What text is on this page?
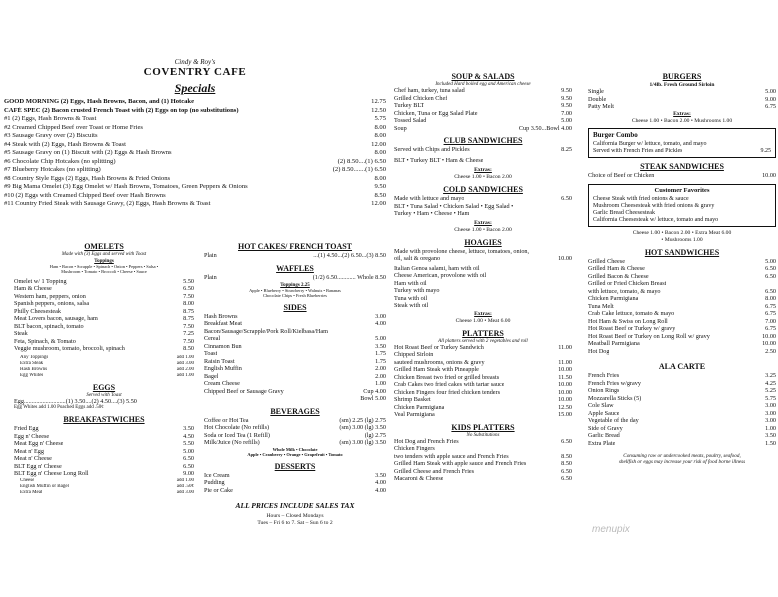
Cindy & Roy's
COVENTRY CAFE
Specials
GOOD MORNING (2) Eggs, Hash Browns, Bacon, and (1) Hotcake	12.75
CAFÉ SPEC (2) Bacon crusted French Toast with (2) Eggs on top (no substitutions)	12.50
#1 (2) Eggs, Hash Browns & Toast	5.75
#2 Creamed Chipped Beef over Toast or Home Fries	8.00
#3 Sausage Gravy over (2) Biscuits	8.00
#4 Steak with (2) Eggs, Hash Browns & Toast	12.00
#5 Sausage Gravy on (1) Biscuit with (2) Eggs & Hash Browns	8.00
#6 Chocolate Chip Hotcakes (no splitting)	(2) 8.50....(1) 6.50
#7 Blueberry Hotcakes (no splitting)	(2) 8.50.......(1) 6.50
#8 Country Style Eggs (2) Eggs, Hash Browns & Fried Onions	8.00
#9 Big Mama Omelet (3) Egg Omelet w/ Hash Browns, Tomatoes, Green Peppers & Onions	9.50
#10 (2) Eggs with Creamed Chipped Beef over Hash Browns	8.50
#11 Country Fried Steak with Sausage Gravy, (2) Eggs, Hash Browns & Toast	12.00
OMELETS
Made with (3) Eggs and served with Toast
Toppings
Ham • Bacon • Scrapple • Spinach • Onion • Peppers • Salsa •
Mushroom • Tomato • Broccoli • Cheese • Sauce
Omelet w/ 1 Topping	5.50
Ham & Cheese	6.50
Western ham, peppers, onion	7.50
Spanish peppers, onions, salsa	8.00
Philly Cheesesteak	8.75
Meat Lovers bacon, sausage, ham	8.75
BLT bacon, spinach, tomato	7.50
Steak	7.25
Feta, Spinach, & Tomato	7.50
Veggie mushroom, tomato, broccoli, spinach	8.50
Any Toppings	add 1.00
Extra Steak	add 3.00
Hash Browns	add 2.00
Egg Whites	add 1.00
EGGS
Served with Toast
Egg...........................(1) 3.50....(2) 4.50....(3) 5.50
Egg Whites add 1.00 Poached Eggs add .50¢
BREAKFASTWICHES
Fried Egg	3.50
Egg n' Cheese	4.50
Meat Egg n' Cheese	5.50
Meat n' Egg	5.00
Meat n' Cheese	6.50
BLT Egg n' Cheese	6.50
BLT Egg n' Cheese Long Roll	9.00
Cheese	add 1.00
English Muffin or Bagel	add .50¢
Extra Meat	add 3.00
HOT CAKES/ FRENCH TOAST
Plain	...(1) 4.50...(2) 6.50...(3) 8.50
WAFFLES
Plain	(1/2) 6.50............ Whole 8.50
Toppings 2.25
Apple • Blueberry • Strawberry • Walnuts • Bananas
Chocolate Chips • Fresh Blueberries
SIDES
Hash Browns	3.00
Breakfast Meat	4.00
Bacon/Sausage/Scrapple/Pork Roll/Kielbasa/Ham
Cereal	5.00
Cinnamon Bun	3.50
Toast	1.75
Raisin Toast	1.75
English Muffin	2.00
Bagel	2.00
Cream Cheese	1.00
Chipped Beef or Sausage Gravy	Cup 4.00
Bowl 5.00
BEVERAGES
Coffee or Hot Tea	(sm) 2.25 (lg) 2.75
Hot Chocolate (No refills)	(sm) 3.00 (lg) 3.50
Soda or Iced Tea (1 Refill)	(lg) 2.75
Milk/Juice (No refills)	(sm) 3.00 (lg) 3.50
Whole Milk • Chocolate
Apple • Cranberry • Orange • Grapefruit • Tomato
DESSERTS
Ice Cream	3.50
Pudding	4.00
Pie or Cake	4.00
ALL PRICES INCLUDE SALES TAX
Hours – Closed Mondays
Tues – Fri 6 to 7. Sat – Sun 6 to 2
SOUP & SALADS
Included Hard boiled egg and American cheese
Chef ham, turkey, tuna salad	9.50
Grilled Chicken Chef	9.50
Turkey BLT	9.50
Chicken, Tuna or Egg Salad Plate	7.00
Tossed Salad	5.00
Soup	Cup 3.50...Bowl 4.00
CLUB SANDWICHES
Served with Chips and Pickles	8.25
BLT • Turkey BLT • Ham & Cheese
Extras:
Cheese 1.00 • Bacon 2.00
COLD SANDWICHES
Made with lettuce and mayo	6.50
BLT • Tuna Salad • Chicken Salad • Egg Salad •
Turkey • Ham • Cheese • Ham
Extras:
Cheese 1.00 • Bacon 2.00
HOAGIES
Made with provolone cheese, lettuce, tomatoes, onion,
oil, salt & oregano	10.00
Italian Genoa salami, ham with oil
Cheese American, provolone with oil
Ham with oil
Turkey with mayo
Tuna with oil
Steak with oil
Extras:
Cheese 1.00 • Meat 6.00
PLATTERS
All platters served with 2 vegetables and roll
Hot Roast Beef or Turkey Sandwich	11.00
Chipped Sirloin
sauteed mushrooms, onions & gravy	11.00
Grilled Ham Steak with Pineapple	10.00
Chicken Breast two fried or grilled breasts	11.50
Crab Cakes two fried cakes with tartar sauce	10.00
Chicken Fingers four fried chicken tenders	10.00
Shrimp Basket	10.00
Chicken Parmigiana	12.50
Veal Parmigiana	15.00
KIDS PLATTERS
No Substitutions
Hot Dog and French Fries	6.50
Chicken Fingers
two tenders with apple sauce and French Fries	8.50
Grilled Ham Steak with apple sauce and French Fries	8.50
Grilled Cheese and French Fries	6.50
Macaroni & Cheese	6.50
BURGERS
1/4lb. Fresh Ground Sirloin
Single	5.00
Double	9.00
Patty Melt	6.75
Extras:
Cheese 1.00 • Bacon 2.00 • Mushrooms 1.00
Burger Combo
California Burger w/ lettuce, tomato, and mayo
Served with French Fries and Pickles	9.25
STEAK SANDWICHES
Choice of Beef or Chicken	10.00
Customer Favorites
Cheese Steak with fried onions & sauce
Mushroom Cheesesteak with fried onions & gravy
Garlic Bread Cheesesteak
California Cheesesteak w/ lettuce, tomato and mayo
Cheese 1.00 • Bacon 2.00 • Extra Meat 6.00
• Mushrooms 1.00
HOT SANDWICHES
Grilled Cheese	5.00
Grilled Ham & Cheese	6.50
Grilled Bacon & Cheese	6.50
Grilled or Fried Chicken Breast
with lettuce, tomato, & mayo	6.50
Chicken Parmigiana	8.00
Tuna Melt	6.75
Crab Cake lettuce, tomato & mayo	6.75
Hot Ham & Swiss on Long Roll	7.00
Hot Roast Beef or Turkey w/ gravy	6.75
Hot Roast Beef or Turkey on Long Roll w/ gravy	10.00
Meatball Parmigiana	10.00
Hot Dog	2.50
ALA CARTE
French Fries	3.25
French Fries w/gravy	4.25
Onion Rings	5.25
Mozzarella Sticks (5)	5.75
Cole Slaw	3.00
Apple Sauce	3.00
Vegetable of the day	3.00
Side of Gravy	1.00
Garlic Bread	3.50
Extra Plate	1.50
Consuming raw or undercooked meats, poultry, seafood,
shellfish or eggs may increase your risk of food borne illness
menupix
